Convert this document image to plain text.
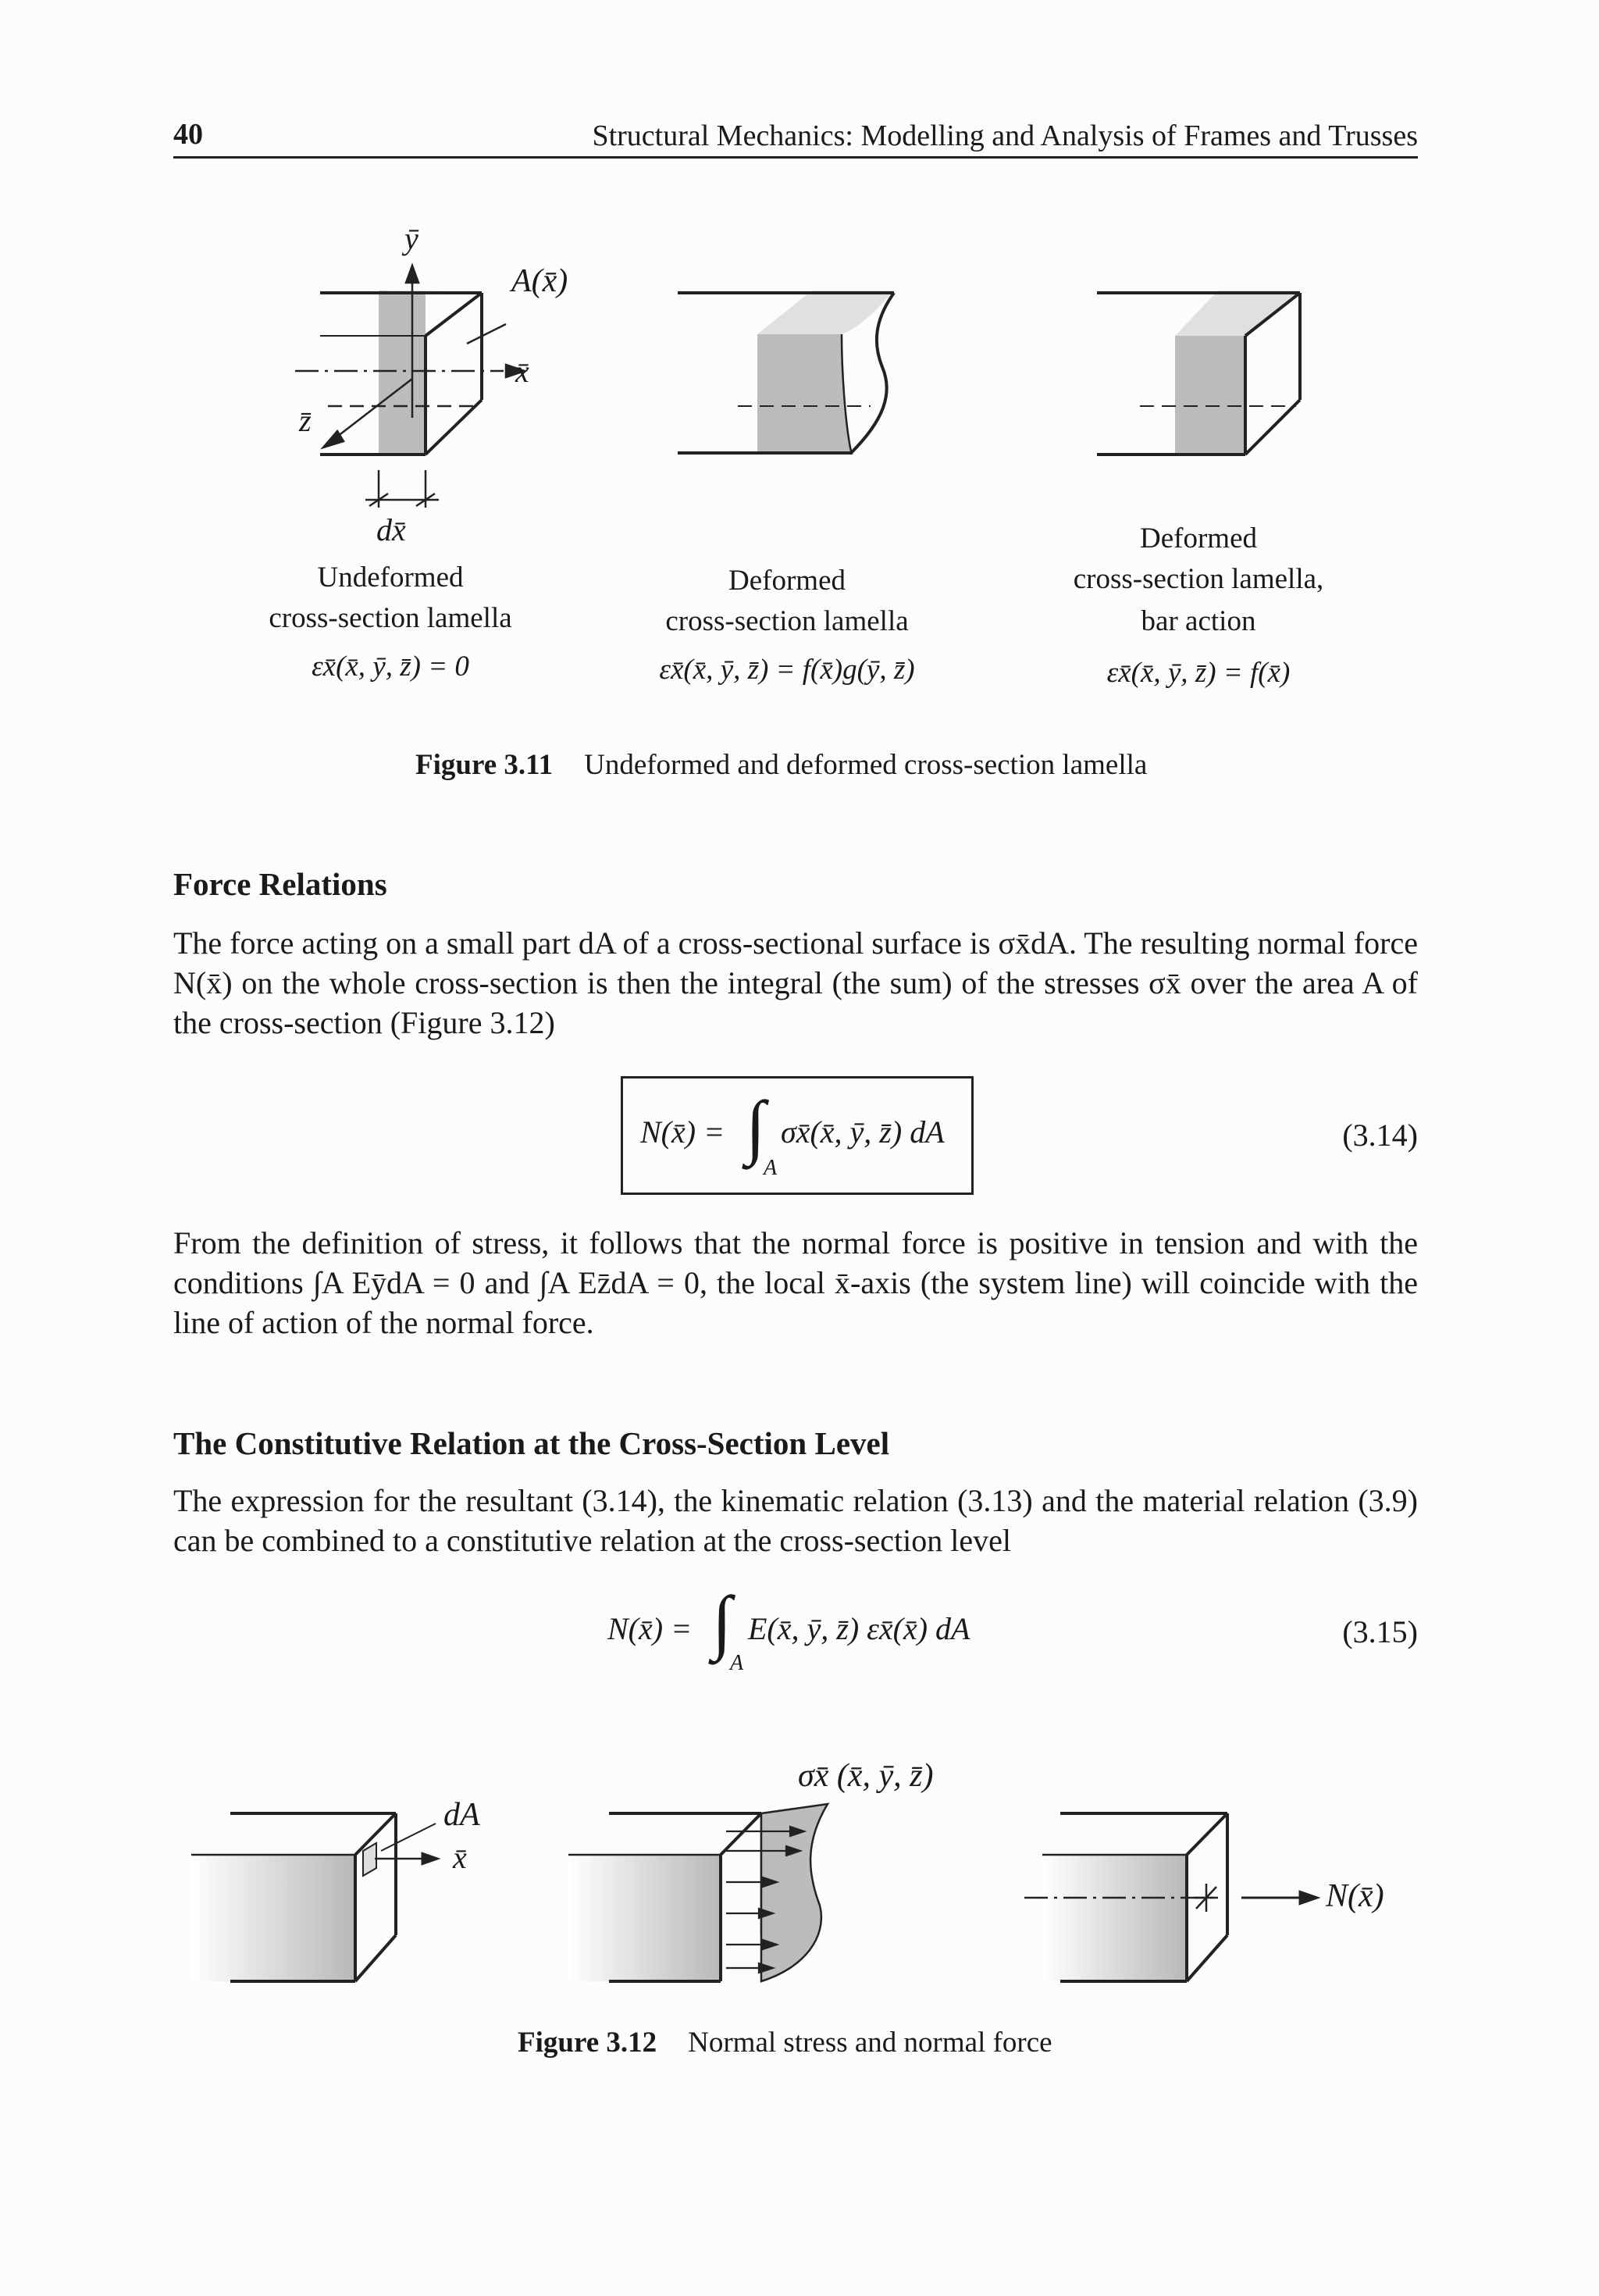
40	Structural Mechanics: Modelling and Analysis of Frames and Trusses
ȳ
A(x̄)
x̄
z̄
dx̄
Undeformed
cross-section lamella
εx̄(x̄, ȳ, z̄) = 0
Deformed
cross-section lamella
εx̄(x̄, ȳ, z̄) = f(x̄)g(ȳ, z̄)
Deformed
cross-section lamella,
bar action
εx̄(x̄, ȳ, z̄) = f(x̄)
Figure 3.11 Undeformed and deformed cross-section lamella
Force Relations
The force acting on a small part dA of a cross-sectional surface is σx̄dA. The resulting normal force N(x̄) on the whole cross-section is then the integral (the sum) of the stresses σx̄ over the area A of the cross-section (Figure 3.12)
N(x̄) = ∫ σx̄(x̄, ȳ, z̄) dA
A
(3.14)
From the definition of stress, it follows that the normal force is positive in tension and with the conditions ∫A EȳdA = 0 and ∫A Ez̄dA = 0, the local x̄-axis (the system line) will coincide with the line of action of the normal force.
The Constitutive Relation at the Cross-Section Level
The expression for the resultant (3.14), the kinematic relation (3.13) and the material relation (3.9) can be combined to a constitutive relation at the cross-section level
N(x̄) = ∫ E(x̄, ȳ, z̄) εx̄(x̄) dA
A
(3.15)
dA
x̄
σx̄ (x̄, ȳ, z̄)
N(x̄)
Figure 3.12 Normal stress and normal force
